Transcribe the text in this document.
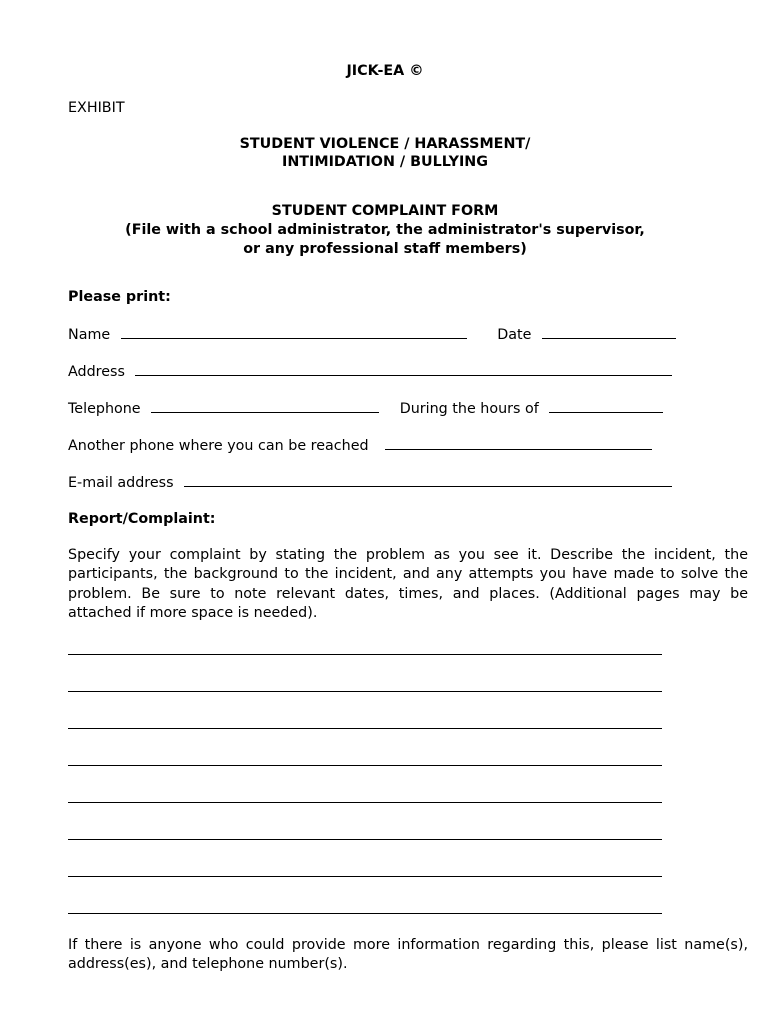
JICK-EA ©
EXHIBIT
STUDENT VIOLENCE / HARASSMENT/
INTIMIDATION / BULLYING
STUDENT COMPLAINT FORM
(File with a school administrator, the administrator's supervisor,
or any professional staff members)
Please print:
Name	Date
Address
Telephone	During the hours of
Another phone where you can be reached
E-mail address
Report/Complaint:
Specify your complaint by stating the problem as you see it. Describe the incident, the participants, the background to the incident, and any attempts you have made to solve the problem. Be sure to note relevant dates, times, and places. (Additional pages may be attached if more space is needed).
If there is anyone who could provide more information regarding this, please list name(s), address(es), and telephone number(s).
